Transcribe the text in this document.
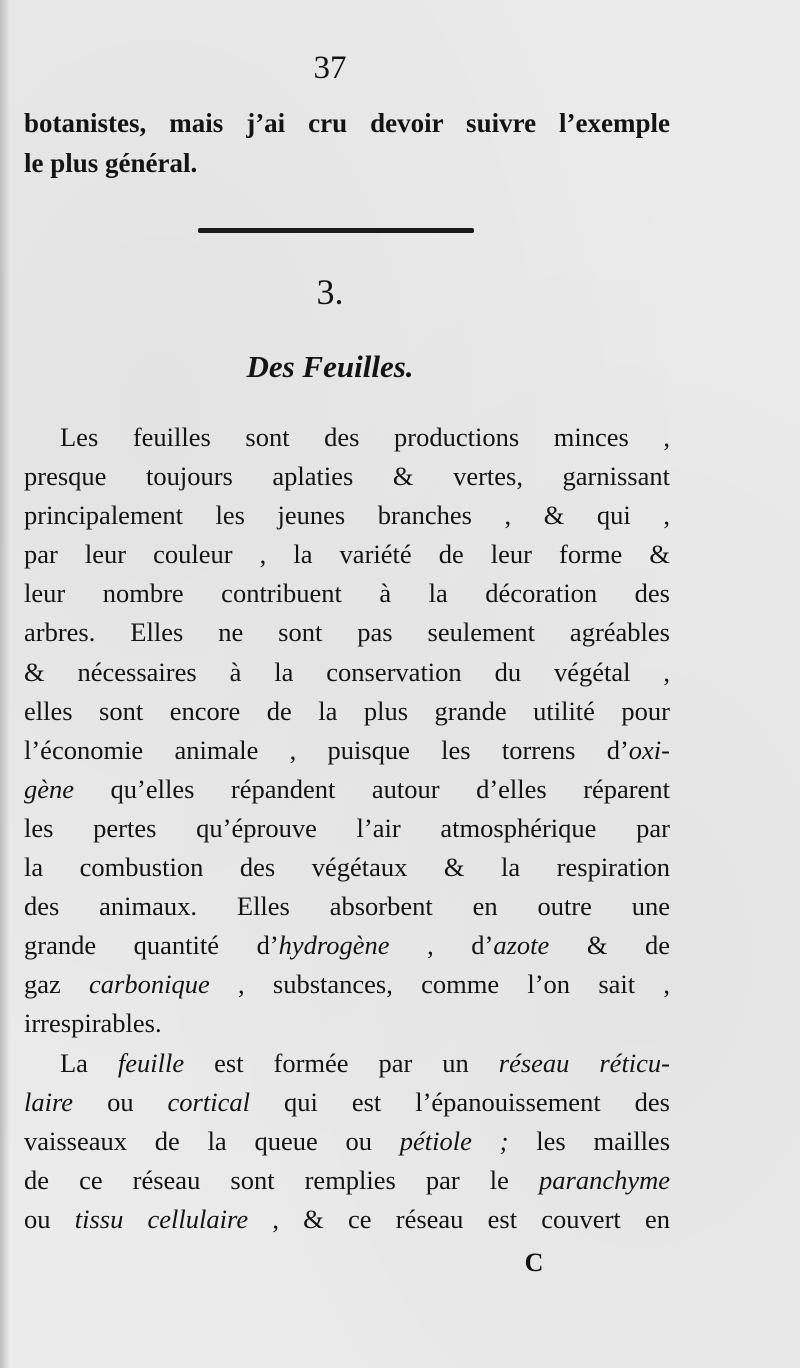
37
botanistes, mais j’ai cru devoir suivre l’exemple
le plus général.
3.
Des Feuilles.
Les feuilles sont des productions minces ,
presque toujours aplaties & vertes, garnissant
principalement les jeunes branches , & qui ,
par leur couleur , la variété de leur forme &
leur nombre contribuent à la décoration des
arbres. Elles ne sont pas seulement agréables
& nécessaires à la conservation du végétal ,
elles sont encore de la plus grande utilité pour
l’économie animale , puisque les torrens d’oxi-
gène qu’elles répandent autour d’elles réparent
les pertes qu’éprouve l’air atmosphérique par
la combustion des végétaux & la respiration
des animaux. Elles absorbent en outre une
grande quantité d’hydrogène , d’azote & de
gaz carbonique , substances, comme l’on sait ,
irrespirables.
La feuille est formée par un réseau réticu-
laire ou cortical qui est l’épanouissement des
vaisseaux de la queue ou pétiole ; les mailles
de ce réseau sont remplies par le paranchyme
ou tissu cellulaire , & ce réseau est couvert en
C
